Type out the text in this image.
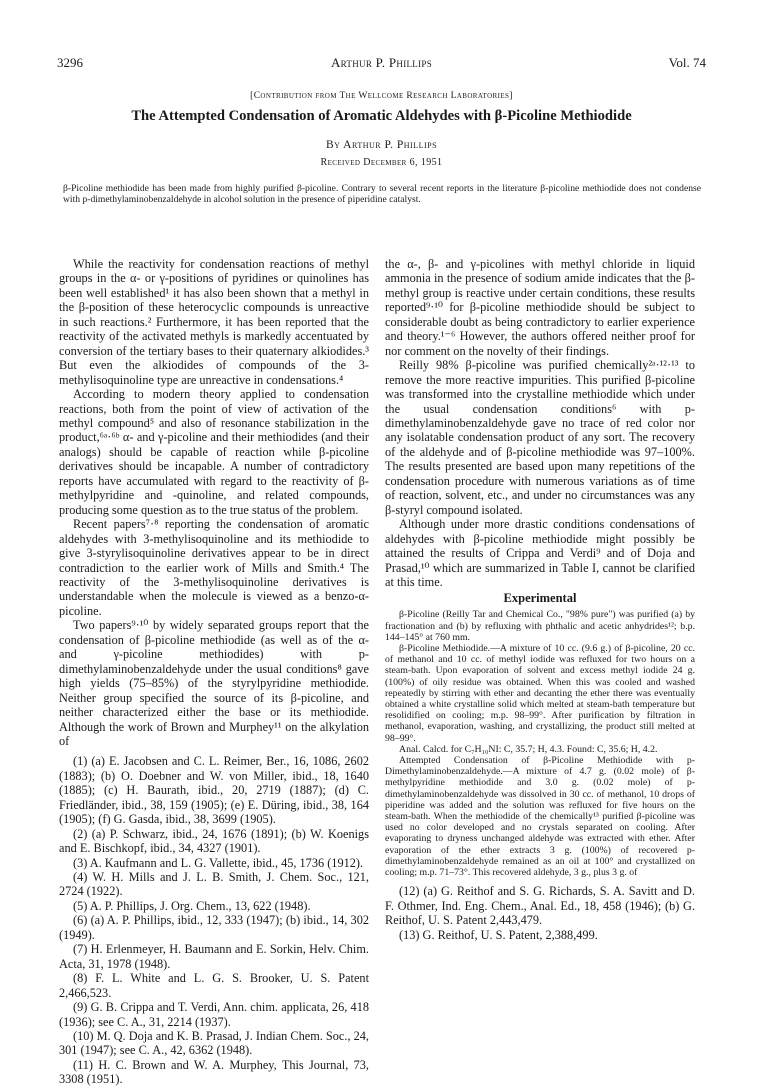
3296	Arthur P. Phillips	Vol. 74
[Contribution from The Wellcome Research Laboratories]
The Attempted Condensation of Aromatic Aldehydes with β-Picoline Methiodide
By Arthur P. Phillips
Received December 6, 1951
β-Picoline methiodide has been made from highly purified β-picoline. Contrary to several recent reports in the literature β-picoline methiodide does not condense with p-dimethylaminobenzaldehyde in alcohol solution in the presence of piperidine catalyst.

While the reactivity for condensation reactions of methyl groups in the α- or γ-positions of pyridines or quinolines has been well established¹ it has also been shown that a methyl in the β-position of these heterocyclic compounds is unreactive in such reactions.² Furthermore, it has been reported that the reactivity of the activated methyls is markedly accentuated by conversion of the tertiary bases to their quaternary alkiodides.³ But even the alkiodides of compounds of the 3-methylisoquinoline type are unreactive in condensations.⁴

According to modern theory applied to condensation reactions, both from the point of view of activation of the methyl compound⁵ and also of resonance stabilization in the product,⁶ᵃ·⁶ᵇ α- and γ-picoline and their methiodides (and their analogs) should be capable of reaction while β-picoline derivatives should be incapable. A number of contradictory reports have accumulated with regard to the reactivity of β-methylpyridine and -quinoline, and related compounds, producing some question as to the true status of the problem.

Recent papers⁷·⁸ reporting the condensation of aromatic aldehydes with 3-methylisoquinoline and its methiodide to give 3-styrylisoquinoline derivatives appear to be in direct contradiction to the earlier work of Mills and Smith.⁴ The reactivity of the 3-methylisoquinoline derivatives is understandable when the molecule is viewed as a benzo-α-picoline.

Two papers⁹·¹⁰ by widely separated groups report that the condensation of β-picoline methiodide (as well as of the α- and γ-picoline methiodides) with p-dimethylaminobenzaldehyde under the usual conditions⁸ gave high yields (75–85%) of the styrylpyridine methiodide. Neither group specified the source of its β-picoline, and neither characterized either the base or its methiodide. Although the work of Brown and Murphey¹¹ on the alkylation of

(1) (a) E. Jacobsen and C. L. Reimer, Ber., 16, 1086, 2602 (1883); (b) O. Doebner and W. von Miller, ibid., 18, 1640 (1885); (c) H. Baurath, ibid., 20, 2719 (1887); (d) C. Friedländer, ibid., 38, 159 (1905); (e) E. Düring, ibid., 38, 164 (1905); (f) G. Gasda, ibid., 38, 3699 (1905).

(2) (a) P. Schwarz, ibid., 24, 1676 (1891); (b) W. Koenigs and E. Bischkopf, ibid., 34, 4327 (1901).

(3) A. Kaufmann and L. G. Vallette, ibid., 45, 1736 (1912).

(4) W. H. Mills and J. L. B. Smith, J. Chem. Soc., 121, 2724 (1922).

(5) A. P. Phillips, J. Org. Chem., 13, 622 (1948).

(6) (a) A. P. Phillips, ibid., 12, 333 (1947); (b) ibid., 14, 302 (1949).

(7) H. Erlenmeyer, H. Baumann and E. Sorkin, Helv. Chim. Acta, 31, 1978 (1948).

(8) F. L. White and L. G. S. Brooker, U. S. Patent 2,466,523.

(9) G. B. Crippa and T. Verdi, Ann. chim. applicata, 26, 418 (1936); see C. A., 31, 2214 (1937).

(10) M. Q. Doja and K. B. Prasad, J. Indian Chem. Soc., 24, 301 (1947); see C. A., 42, 6362 (1948).

(11) H. C. Brown and W. A. Murphey, This Journal, 73, 3308 (1951).

the α-, β- and γ-picolines with methyl chloride in liquid ammonia in the presence of sodium amide indicates that the β-methyl group is reactive under certain conditions, these results reported⁹·¹⁰ for β-picoline methiodide should be subject to considerable doubt as being contradictory to earlier experience and theory.¹⁻⁶ However, the authors offered neither proof for nor comment on the novelty of their findings.

Reilly 98% β-picoline was purified chemically²ᵃ·¹²·¹³ to remove the more reactive impurities. This purified β-picoline was transformed into the crystalline methiodide which under the usual condensation conditions⁶ with p-dimethylaminobenzaldehyde gave no trace of red color nor any isolatable condensation product of any sort. The recovery of the aldehyde and of β-picoline methiodide was 97–100%. The results presented are based upon many repetitions of the condensation procedure with numerous variations as of time of reaction, solvent, etc., and under no circumstances was any β-styryl compound isolated.

Although under more drastic conditions condensations of aldehydes with β-picoline methiodide might possibly be attained the results of Crippa and Verdi⁹ and of Doja and Prasad,¹⁰ which are summarized in Table I, cannot be clarified at this time.

Experimental

β-Picoline (Reilly Tar and Chemical Co., "98% pure") was purified (a) by fractionation and (b) by refluxing with phthalic and acetic anhydrides¹²; b.p. 144–145° at 760 mm.

β-Picoline Methiodide.—A mixture of 10 cc. (9.6 g.) of β-picoline, 20 cc. of methanol and 10 cc. of methyl iodide was refluxed for two hours on a steam-bath. Upon evaporation of solvent and excess methyl iodide 24 g. (100%) of oily residue was obtained. When this was cooled and washed repeatedly by stirring with ether and decanting the ether there was eventually obtained a white crystalline solid which melted at steam-bath temperature but resolidified on cooling; m.p. 98–99°. After purification by filtration in methanol, evaporation, washing, and crystallizing, the product still melted at 98–99°.

Anal. Calcd. for C₇H₁₀NI: C, 35.7; H, 4.3. Found: C, 35.6; H, 4.2.

Attempted Condensation of β-Picoline Methiodide with p-Dimethylaminobenzaldehyde.—A mixture of 4.7 g. (0.02 mole) of β-methylpyridine methiodide and 3.0 g. (0.02 mole) of p-dimethylaminobenzaldehyde was dissolved in 30 cc. of methanol, 10 drops of piperidine was added and the solution was refluxed for five hours on the steam-bath. When the methiodide of the chemically¹³ purified β-picoline was used no color developed and no crystals separated on cooling. After evaporating to dryness unchanged aldehyde was extracted with ether. After evaporation of the ether extracts 3 g. (100%) of recovered p-dimethylaminobenzaldehyde remained as an oil at 100° and crystallized on cooling; m.p. 71–73°. This recovered aldehyde, 3 g., plus 3 g. of

(12) (a) G. Reithof and S. G. Richards, S. A. Savitt and D. F. Othmer, Ind. Eng. Chem., Anal. Ed., 18, 458 (1946); (b) G. Reithof, U. S. Patent 2,443,479.

(13) G. Reithof, U. S. Patent, 2,388,499.
